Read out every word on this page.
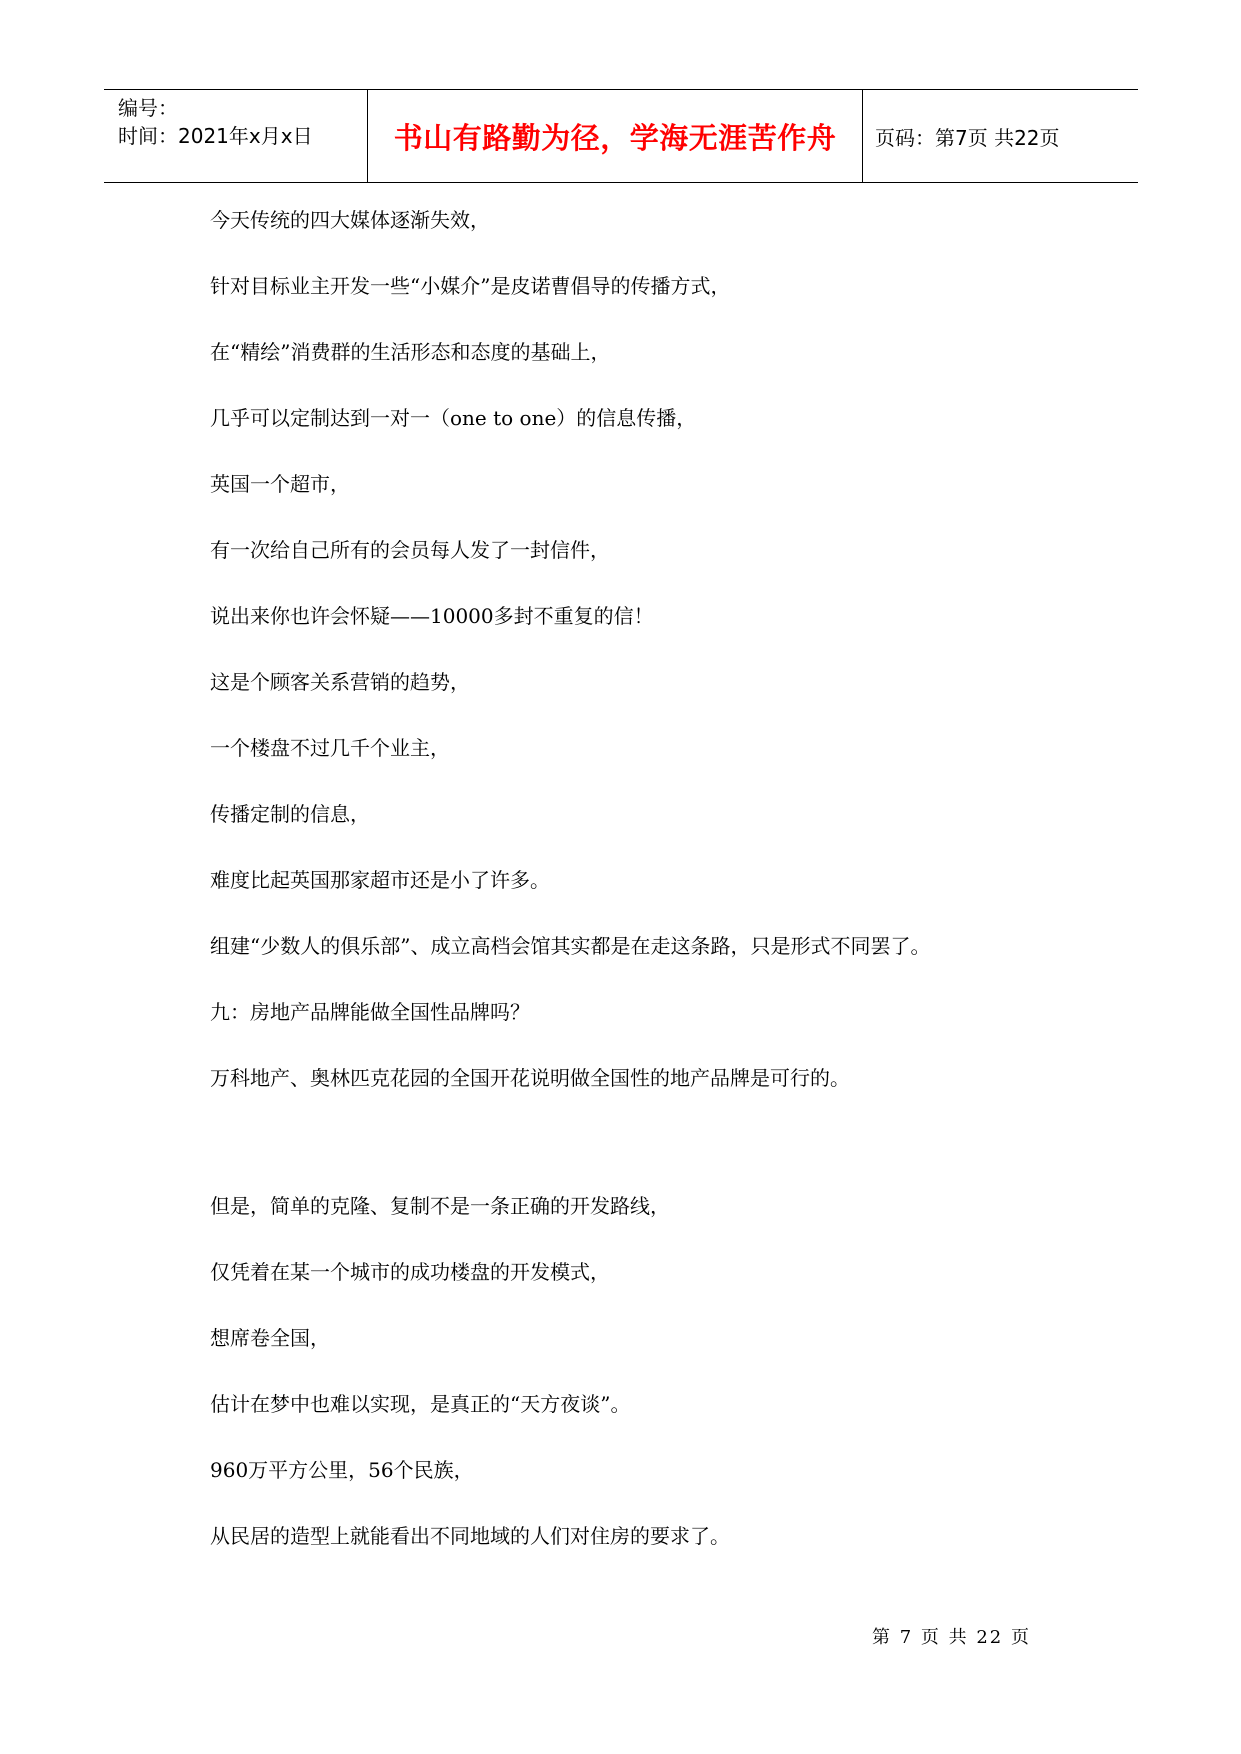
编号：
时间：2021年x月x日	书山有路勤为径，学海无涯苦作舟 页码：第7页 共22页

今天传统的四大媒体逐渐失效，

针对目标业主开发一些“小媒介”是皮诺曹倡导的传播方式，

在“精绘”消费群的生活形态和态度的基础上，

几乎可以定制达到一对一（one to one）的信息传播，

英国一个超市，

有一次给自己所有的会员每人发了一封信件，

说出来你也许会怀疑——10000多封不重复的信！

这是个顾客关系营销的趋势，

一个楼盘不过几千个业主，

传播定制的信息，

难度比起英国那家超市还是小了许多。

组建“少数人的俱乐部”、成立高档会馆其实都是在走这条路，只是形式不同罢了。

九：房地产品牌能做全国性品牌吗？

万科地产、奥林匹克花园的全国开花说明做全国性的地产品牌是可行的。

但是，简单的克隆、复制不是一条正确的开发路线，

仅凭着在某一个城市的成功楼盘的开发模式，

想席卷全国，

估计在梦中也难以实现，是真正的“天方夜谈”。

960万平方公里，56个民族，

从民居的造型上就能看出不同地域的人们对住房的要求了。

第 7 页 共 22 页
